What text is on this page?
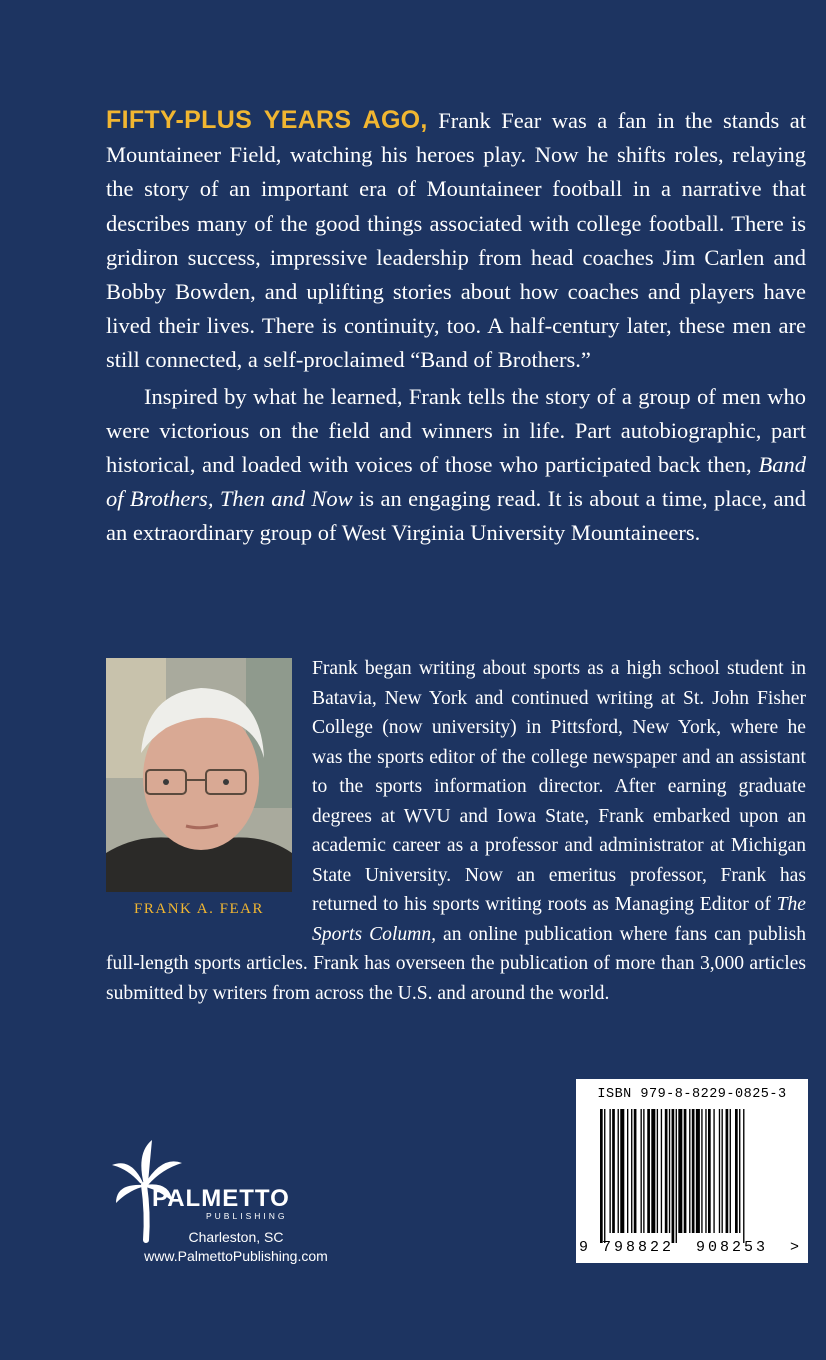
FIFTY-PLUS YEARS AGO, Frank Fear was a fan in the stands at Mountaineer Field, watching his heroes play. Now he shifts roles, relaying the story of an important era of Mountaineer football in a narrative that describes many of the good things associated with college football. There is gridiron success, impressive leadership from head coaches Jim Carlen and Bobby Bowden, and uplifting stories about how coaches and players have lived their lives. There is continuity, too. A half-century later, these men are still connected, a self-proclaimed “Band of Brothers.”

Inspired by what he learned, Frank tells the story of a group of men who were victorious on the field and winners in life. Part autobiographic, part historical, and loaded with voices of those who participated back then, Band of Brothers, Then and Now is an engaging read. It is about a time, place, and an extraordinary group of West Virginia University Mountaineers.

FRANK A. FEAR
Frank began writing about sports as a high school student in Batavia, New York and continued writing at St. John Fisher College (now university) in Pittsford, New York, where he was the sports editor of the college newspaper and an assistant to the sports information director. After earning graduate degrees at WVU and Iowa State, Frank embarked upon an academic career as a professor and administrator at Michigan State University. Now an emeritus professor, Frank has returned to his sports writing roots as Managing Editor of The Sports Column, an online publication where fans can publish full-length sports articles. Frank has overseen the publication of more than 3,000 articles submitted by writers from across the U.S. and around the world.
PALMETTO
PUBLISHING
Charleston, SC
www.PalmettoPublishing.com
ISBN 979-8-8229-0825-3
9 798822 908253 >
